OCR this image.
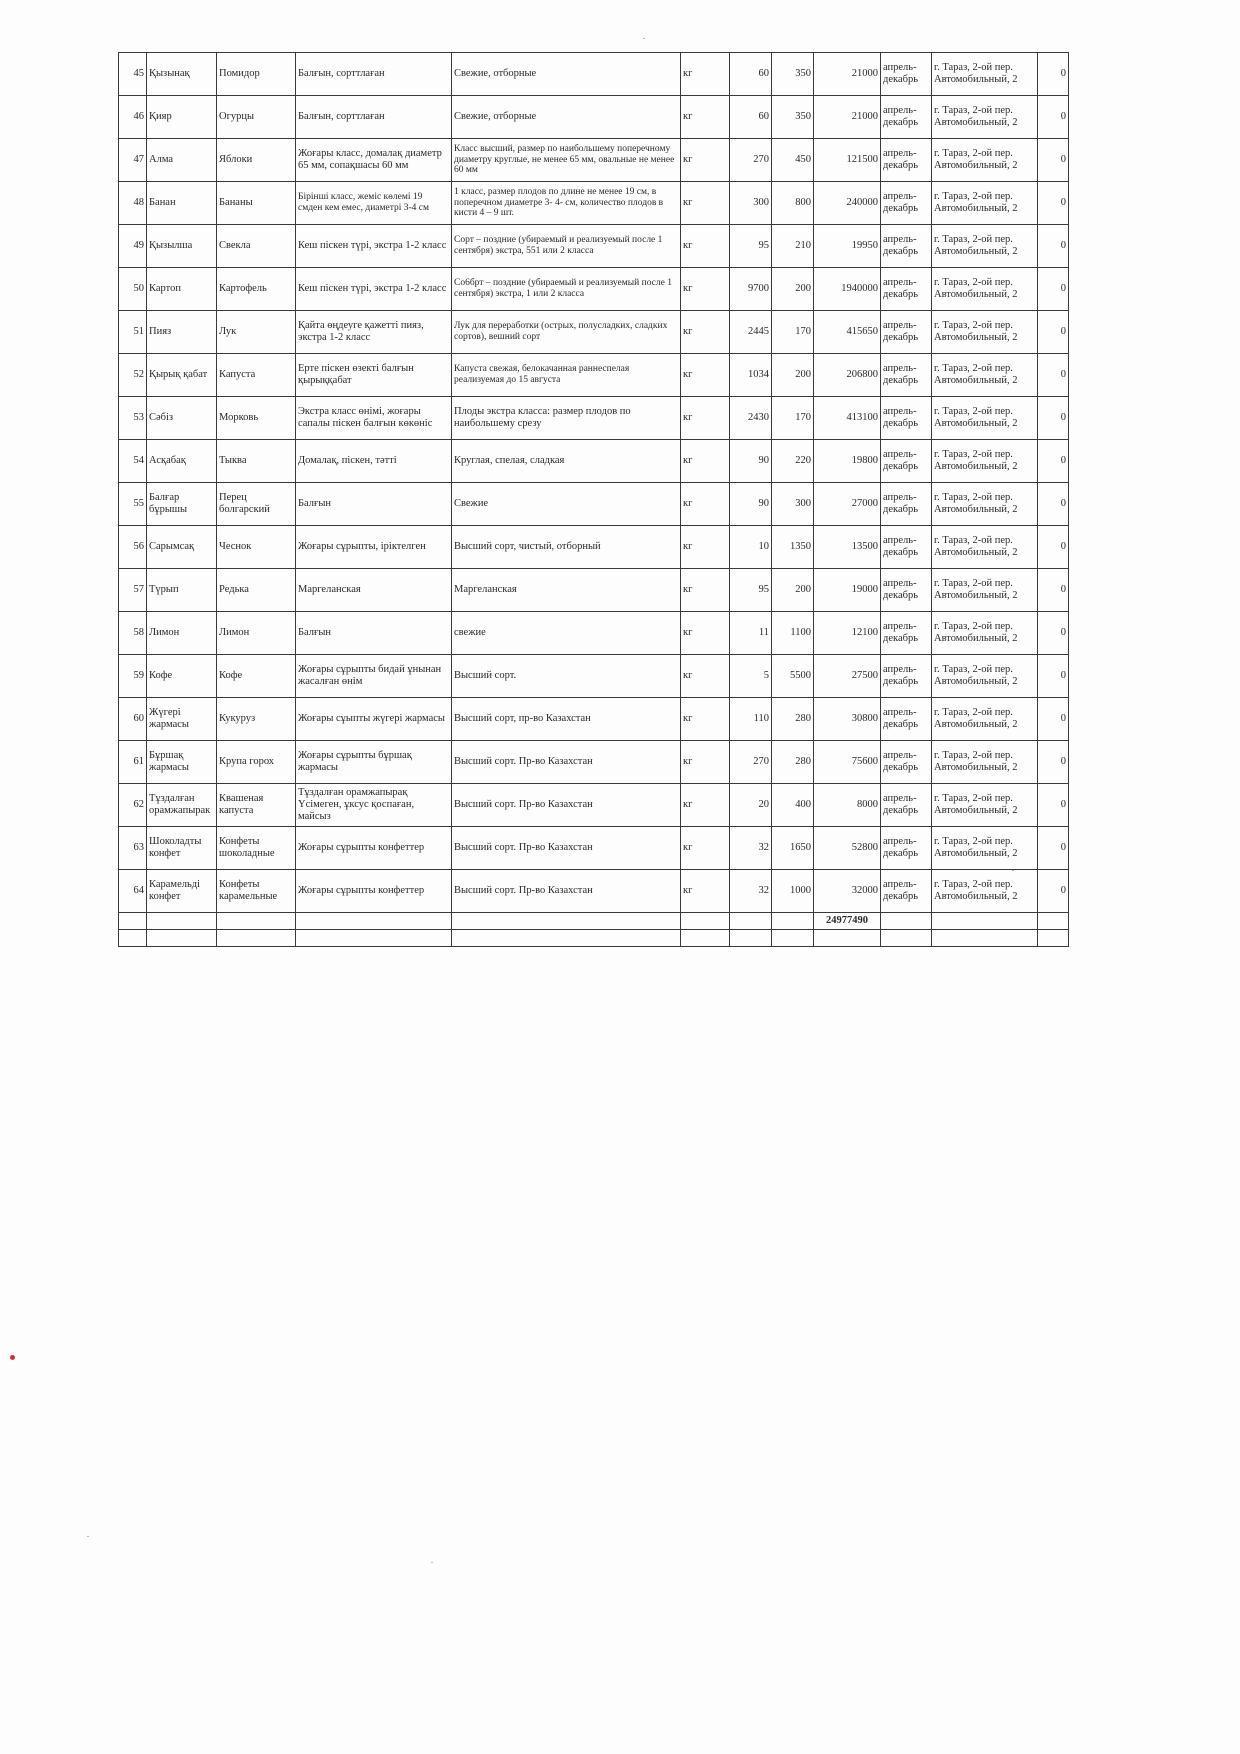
45	Қызынақ	Помидор	Балғын, сорттлаған	Свежие, отборные	кг	60	350	21000	апрель-декабрь	г. Тараз, 2-ой пер. Автомобильный, 2	0
46	Қияр	Огурцы	Балғын, сорттлаған	Свежие, отборные	кг	60	350	21000	апрель-декабрь	г. Тараз, 2-ой пер. Автомобильный, 2	0
47	Алма	Яблоки	Жоғары класс, домалақ диаметр 65 мм, сопақшасы 60 мм	Класс высший, размер по наибольшему поперечному диаметру круглые, не менее 65 мм, овальные не менее 60 мм	кг	270	450	121500	апрель-декабрь	г. Тараз, 2-ой пер. Автомобильный, 2	0
48	Банан	Бананы	Бірінші класс, жеміс көлемі 19 смден кем емес, диаметрі 3-4 см	1 класс, размер плодов по длине не менее 19 см, в поперечном диаметре 3- 4- см, количество плодов в кисти 4 – 9 шт.	кг	300	800	240000	апрель-декабрь	г. Тараз, 2-ой пер. Автомобильный, 2	0
49	Қызылша	Свекла	Кеш піскен түрі, экстра 1-2 класс	Сорт – поздние (убираемый и реализуемый после 1 сентября) экстра, 551 или 2 класса	кг	95	210	19950	апрель-декабрь	г. Тараз, 2-ой пер. Автомобильный, 2	0
50	Картоп	Картофель	Кеш піскен түрі, экстра 1-2 класс	Со6брт – поздние (убираемый и реализуемый после 1 сентября) экстра, 1 или 2 класса	кг	9700	200	1940000	апрель-декабрь	г. Тараз, 2-ой пер. Автомобильный, 2	0
51	Пияз	Лук	Қайта өңдеуге қажетті пияз, экстра 1-2 класс	Лук для переработки (острых, полусладких, сладких сортов), вешний сорт	кг	2445	170	415650	апрель-декабрь	г. Тараз, 2-ой пер. Автомобильный, 2	0
52	Қырық қабат	Капуста	Ерте піскен өзекті балғын қырыққабат	Капуста свежая, белокачанная раннеспелая реализуемая до 15 августа	кг	1034	200	206800	апрель-декабрь	г. Тараз, 2-ой пер. Автомобильный, 2	0
53	Сәбіз	Морковь	Экстра класс өнімі, жоғары сапалы піскен балғын көкөніс	Плоды экстра класса: размер плодов по наибольшему срезу	кг	2430	170	413100	апрель-декабрь	г. Тараз, 2-ой пер. Автомобильный, 2	0
54	Асқабақ	Тыква	Домалақ, піскен, тәтті	Круглая, спелая, сладкая	кг	90	220	19800	апрель-декабрь	г. Тараз, 2-ой пер. Автомобильный, 2	0
55	Балғар бұрышы	Перец болгарский	Балғын	Свежие	кг	90	300	27000	апрель-декабрь	г. Тараз, 2-ой пер. Автомобильный, 2	0
56	Сарымсақ	Чеснок	Жоғары сұрыпты, іріктелген	Высший сорт, чистый, отборный	кг	10	1350	13500	апрель-декабрь	г. Тараз, 2-ой пер. Автомобильный, 2	0
57	Түрып	Редька	Маргеланская	Маргеланская	кг	95	200	19000	апрель-декабрь	г. Тараз, 2-ой пер. Автомобильный, 2	0
58	Лимон	Лимон	Балғын	свежие	кг	11	1100	12100	апрель-декабрь	г. Тараз, 2-ой пер. Автомобильный, 2	0
59	Кофе	Кофе	Жоғары сұрыпты бидай ұнынан жасалған өнім	Высший сорт.	кг	5	5500	27500	апрель-декабрь	г. Тараз, 2-ой пер. Автомобильный, 2	0
60	Жүгері жармасы	Кукуруз	Жоғары сұыпты жүгері жармасы	Высший сорт, пр-во Казахстан	кг	110	280	30800	апрель-декабрь	г. Тараз, 2-ой пер. Автомобильный, 2	0
61	Бұршақ жармасы	Крупа горох	Жоғары сұрыпты бұршақ жармасы	Высший сорт. Пр-во Казахстан	кг	270	280	75600	апрель-декабрь	г. Тараз, 2-ой пер. Автомобильный, 2	0
62	Тұздалған орамжапырак	Квашеная капуста	Тұздалған орамжапырақ Үсімеген, ұксус қоспаған, майсыз	Высший сорт. Пр-во Казахстан	кг	20	400	8000	апрель-декабрь	г. Тараз, 2-ой пер. Автомобильный, 2	0
63	Шоколадты конфет	Конфеты шоколадные	Жоғары сұрыпты конфеттер	Высший сорт. Пр-во Казахстан	кг	32	1650	52800	апрель-декабрь	г. Тараз, 2-ой пер. Автомобильный, 2	0
64	Карамельді конфет	Конфеты карамельные	Жоғары сұрыпты конфеттер	Высший сорт. Пр-во Казахстан	кг	32	1000	32000	апрель-декабрь	г. Тараз, 2-ой пер. Автомобильный, 2	0
								24977490			
